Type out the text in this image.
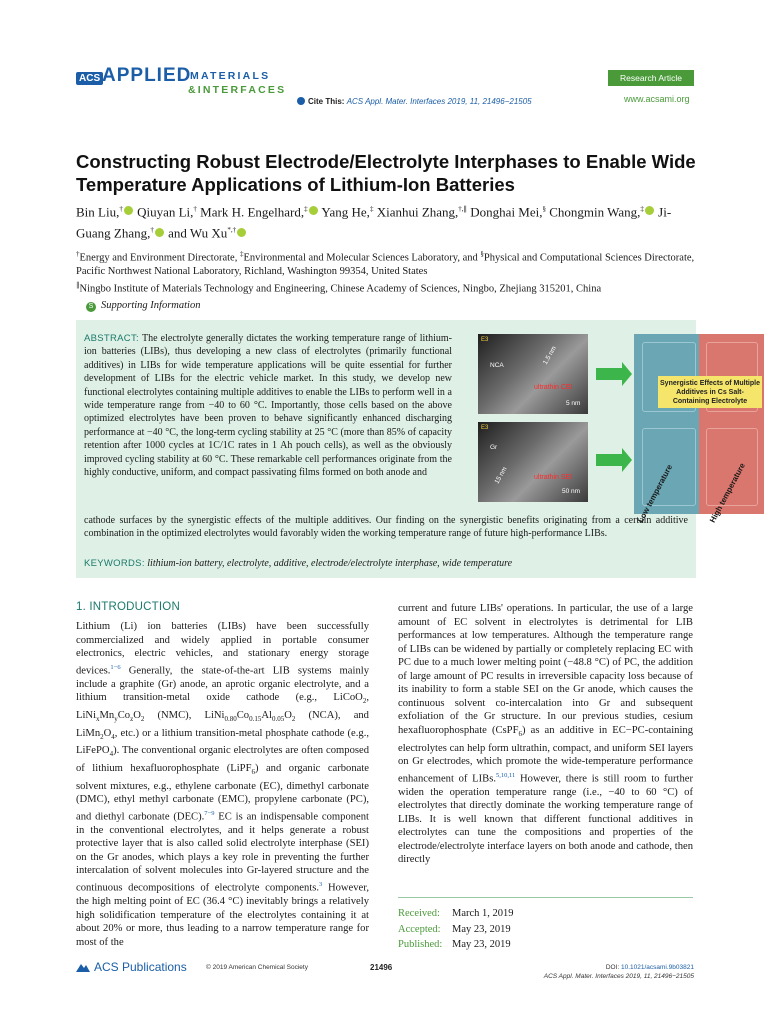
ACS APPLIED
MATERIALS
&INTERFACES
Cite This: ACS Appl. Mater. Interfaces 2019, 11, 21496−21505
Research Article
www.acsami.org
Constructing Robust Electrode/Electrolyte Interphases to Enable Wide Temperature Applications of Lithium-Ion Batteries
Bin Liu,† Qiuyan Li,† Mark H. Engelhard,‡ Yang He,‡ Xianhui Zhang,†,∥ Donghai Mei,§ Chongmin Wang,‡ Ji-Guang Zhang,† and Wu Xu*,†
†Energy and Environment Directorate, ‡Environmental and Molecular Sciences Laboratory, and §Physical and Computational Sciences Directorate, Pacific Northwest National Laboratory, Richland, Washington 99354, United States
∥Ningbo Institute of Materials Technology and Engineering, Chinese Academy of Sciences, Ningbo, Zhejiang 315201, China
S Supporting Information
ABSTRACT: The electrolyte generally dictates the working temperature range of lithium-ion batteries (LIBs), thus developing a new class of electrolytes (primarily functional additives) in LIBs for wide temperature applications will be quite essential for further development of LIBs for the electric vehicle market. In this study, we develop new functional electrolytes containing multiple additives to enable the LIBs to perform well in a wide temperature range from −40 to 60 °C. Importantly, those cells based on the above optimized electrolytes have been proven to behave significantly enhanced discharging performance at −40 °C, the long-term cycling stability at 25 °C (more than 85% of capacity retention after 1000 cycles at 1C/1C rates in 1 Ah pouch cells), as well as the obviously improved cycling stability at 60 °C. These remarkable cell performances originate from the highly conductive, uniform, and compact passivating films formed on both anode and
E3
NCA	1.5 nm
ultrathin CEI
5 nm
E3
Gr
15 nm	ultrathin SEI
50 nm
Synergistic Effects of Multiple Additives in Cs Salt-Containing Electrolyte
Low temperature	High temperature
cathode surfaces by the synergistic effects of the multiple additives. Our finding on the synergistic benefits originating from a certain additive combination in the optimized electrolytes would favorably widen the working temperature range of future high-performance LIBs.
KEYWORDS: lithium-ion battery, electrolyte, additive, electrode/electrolyte interphase, wide temperature
1. INTRODUCTION
Lithium (Li) ion batteries (LIBs) have been successfully commercialized and widely applied in portable consumer electronics, electric vehicles, and stationary energy storage devices.$^{1-6}$ Generally, the state-of-the-art LIB systems mainly include a graphite (Gr) anode, an aprotic organic electrolyte, and a lithium transition-metal oxide cathode (e.g., LiCoO$_2$, $LiNi_xMn_yCo_zO_2$ (NMC), $LiNi_{0.80}Co_{0.15}Al_{0.05}O_2$ (NCA), and $LiMn_2O_4$, etc.) or a lithium transition-metal phosphate cathode (e.g., LiFePO$_4$). The conventional organic electrolytes are often composed of lithium hexafluorophosphate (LiPF$_6$) and organic carbonate solvent mixtures, e.g., ethylene carbonate (EC), dimethyl carbonate (DMC), ethyl methyl carbonate (EMC), propylene carbonate (PC), and diethyl carbonate (DEC).$^{7-9}$ EC is an indispensable component in the conventional electrolytes, and it helps generate a robust protective layer that is also called solid electrolyte interphase (SEI) on the Gr anodes, which plays a key role in preventing the further intercalation of solvent molecules into Gr-layered structure and the continuous decompositions of electrolyte components.$^3$ However, the high melting point of EC (36.4 °C) inevitably brings a relatively high solidification temperature of the electrolytes containing it at about 20% or more, thus leading to a narrow temperature range for most of the
current and future LIBs' operations. In particular, the use of a large amount of EC solvent in electrolytes is detrimental for LIB performances at low temperatures. Although the temperature range of LIBs can be widened by partially or completely replacing EC with PC due to a much lower melting point (−48.8 °C) of PC, the addition of large amount of PC results in irreversible capacity loss because of its inability to form a stable SEI on the Gr anode, which causes the continuous solvent co-intercalation into Gr and subsequent exfoliation of the Gr structure. In our previous studies, cesium hexafluorophosphate (CsPF$_6$) as an additive in EC−PC-containing electrolytes can help form ultrathin, compact, and uniform SEI layers on Gr electrodes, which promote the wide-temperature performance enhancement of LIBs.$^{5,10,11}$ However, there is still room to further widen the operation temperature range (i.e., −40 to 60 °C) of electrolytes that directly dominate the working temperature range of LIBs. It is well known that different functional additives in electrolytes can tune the compositions and properties of the electrode/electrolyte interface layers on both anode and cathode, then directly
Received: March 1, 2019
Accepted: May 23, 2019
Published: May 23, 2019
ACS Publications	© 2019 American Chemical Society	21496	DOI: 10.1021/acsami.9b03821
ACS Appl. Mater. Interfaces 2019, 11, 21496−21505
